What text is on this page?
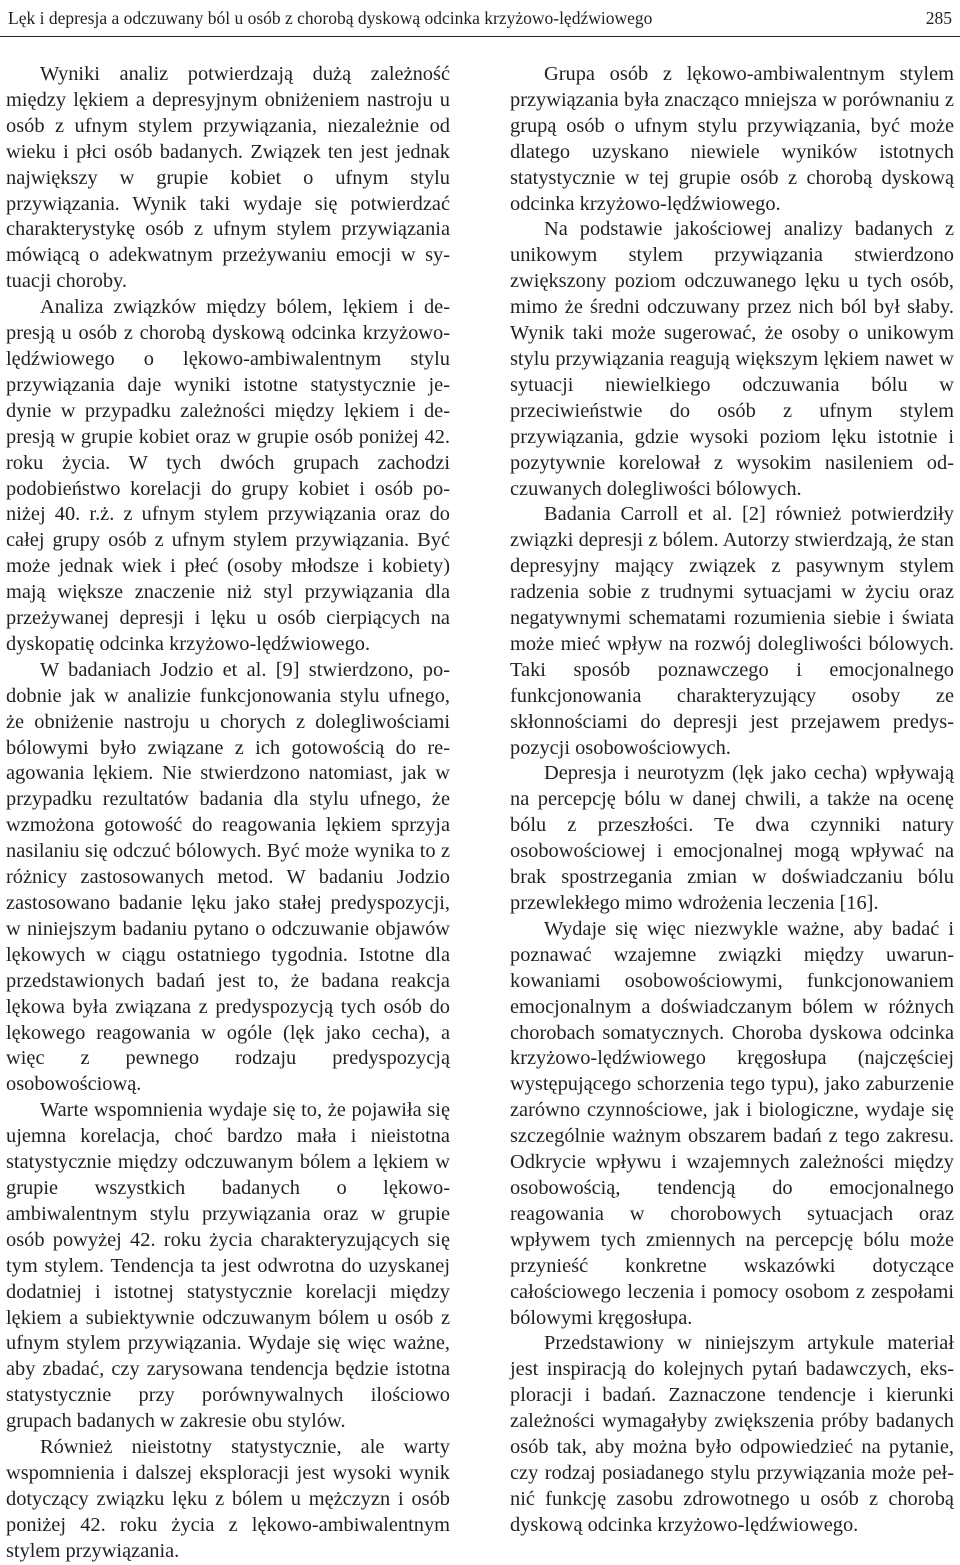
Lęk i depresja a odczuwany ból u osób z chorobą dyskową odcinka krzyżowo-lędźwiowego	285

Wyniki analiz potwierdzają dużą zależność między lękiem a depresyjnym obniżeniem nastroju u osób z ufnym stylem przywiązania, niezależnie od wieku i płci osób badanych. Związek ten jest jednak największy w grupie kobiet o ufnym stylu przywiązania. Wynik taki wydaje się potwierdzać charakterystykę osób z ufnym stylem przywiązania mówiącą o adekwatnym przeżywaniu emocji w sytuacji choroby.

Analiza związków między bólem, lękiem i depresją u osób z chorobą dyskową odcinka krzyżowo-lędźwiowego o lękowo-ambiwalentnym stylu przywiązania daje wyniki istotne statystycznie jedynie w przypadku zależności między lękiem i depresją w grupie kobiet oraz w grupie osób poniżej 42. roku życia. W tych dwóch grupach zachodzi podobieństwo korelacji do grupy kobiet i osób poniżej 40. r.ż. z ufnym stylem przywiązania oraz do całej grupy osób z ufnym stylem przywiązania. Być może jednak wiek i płeć (osoby młodsze i kobiety) mają większe znaczenie niż styl przywiązania dla przeżywanej depresji i lęku u osób cierpiących na dyskopatię odcinka krzyżowo-lędźwiowego.

W badaniach Jodzio et al. [9] stwierdzono, podobnie jak w analizie funkcjonowania stylu ufnego, że obniżenie nastroju u chorych z dolegliwościami bólowymi było związane z ich gotowością do reagowania lękiem. Nie stwierdzono natomiast, jak w przypadku rezultatów badania dla stylu ufnego, że wzmożona gotowość do reagowania lękiem sprzyja nasilaniu się odczuć bólowych. Być może wynika to z różnicy zastosowanych metod. W badaniu Jodzio zastosowano badanie lęku jako stałej predyspozycji, w niniejszym badaniu pytano o odczuwanie objawów lękowych w ciągu ostatniego tygodnia. Istotne dla przedstawionych badań jest to, że badana reakcja lękowa była związana z predyspozycją tych osób do lękowego reagowania w ogóle (lęk jako cecha), a więc z pewnego rodzaju predyspozycją osobowościową.

Warte wspomnienia wydaje się to, że pojawiła się ujemna korelacja, choć bardzo mała i nieistotna statystycznie między odczuwanym bólem a lękiem w grupie wszystkich badanych o lękowo-ambiwalentnym stylu przywiązania oraz w grupie osób powyżej 42. roku życia charakteryzujących się tym stylem. Tendencja ta jest odwrotna do uzyskanej dodatniej i istotnej statystycznie korelacji między lękiem a subiektywnie odczuwanym bólem u osób z ufnym stylem przywiązania. Wydaje się więc ważne, aby zbadać, czy zarysowana tendencja będzie istotna statystycznie przy porównywalnych ilościowo grupach badanych w zakresie obu stylów.

Również nieistotny statystycznie, ale warty wspomnienia i dalszej eksploracji jest wysoki wynik dotyczący związku lęku z bólem u mężczyzn i osób poniżej 42. roku życia z lękowo-ambiwalentnym stylem przywiązania.

Grupa osób z lękowo-ambiwalentnym stylem przywiązania była znacząco mniejsza w porównaniu z grupą osób o ufnym stylu przywiązania, być może dlatego uzyskano niewiele wyników istotnych statystycznie w tej grupie osób z chorobą dyskową odcinka krzyżowo-lędźwiowego.

Na podstawie jakościowej analizy badanych z unikowym stylem przywiązania stwierdzono zwiększony poziom odczuwanego lęku u tych osób, mimo że średni odczuwany przez nich ból był słaby. Wynik taki może sugerować, że osoby o unikowym stylu przywiązania reagują większym lękiem nawet w sytuacji niewielkiego odczuwania bólu w przeciwieństwie do osób z ufnym stylem przywiązania, gdzie wysoki poziom lęku istotnie i pozytywnie korelował z wysokim nasileniem odczuwanych dolegliwości bólowych.

Badania Carroll et al. [2] również potwierdziły związki depresji z bólem. Autorzy stwierdzają, że stan depresyjny mający związek z pasywnym stylem radzenia sobie z trudnymi sytuacjami w życiu oraz negatywnymi schematami rozumienia siebie i świata może mieć wpływ na rozwój dolegliwości bólowych. Taki sposób poznawczego i emocjonalnego funkcjonowania charakteryzujący osoby ze skłonnościami do depresji jest przejawem predyspozycji osobowościowych.

Depresja i neurotyzm (lęk jako cecha) wpływają na percepcję bólu w danej chwili, a także na ocenę bólu z przeszłości. Te dwa czynniki natury osobowościowej i emocjonalnej mogą wpływać na brak spostrzegania zmian w doświadczaniu bólu przewlekłego mimo wdrożenia leczenia [16].

Wydaje się więc niezwykle ważne, aby badać i poznawać wzajemne związki między uwarunkowaniami osobowościowymi, funkcjonowaniem emocjonalnym a doświadczanym bólem w różnych chorobach somatycznych. Choroba dyskowa odcinka krzyżowo-lędźwiowego kręgosłupa (najczęściej występującego schorzenia tego typu), jako zaburzenie zarówno czynnościowe, jak i biologiczne, wydaje się szczególnie ważnym obszarem badań z tego zakresu. Odkrycie wpływu i wzajemnych zależności między osobowością, tendencją do emocjonalnego reagowania w chorobowych sytuacjach oraz wpływem tych zmiennych na percepcję bólu może przynieść konkretne wskazówki dotyczące całościowego leczenia i pomocy osobom z zespołami bólowymi kręgosłupa.

Przedstawiony w niniejszym artykule materiał jest inspiracją do kolejnych pytań badawczych, eksploracji i badań. Zaznaczone tendencje i kierunki zależności wymagałyby zwiększenia próby badanych osób tak, aby można było odpowiedzieć na pytanie, czy rodzaj posiadanego stylu przywiązania może pełnić funkcję zasobu zdrowotnego u osób z chorobą dyskową odcinka krzyżowo-lędźwiowego.
